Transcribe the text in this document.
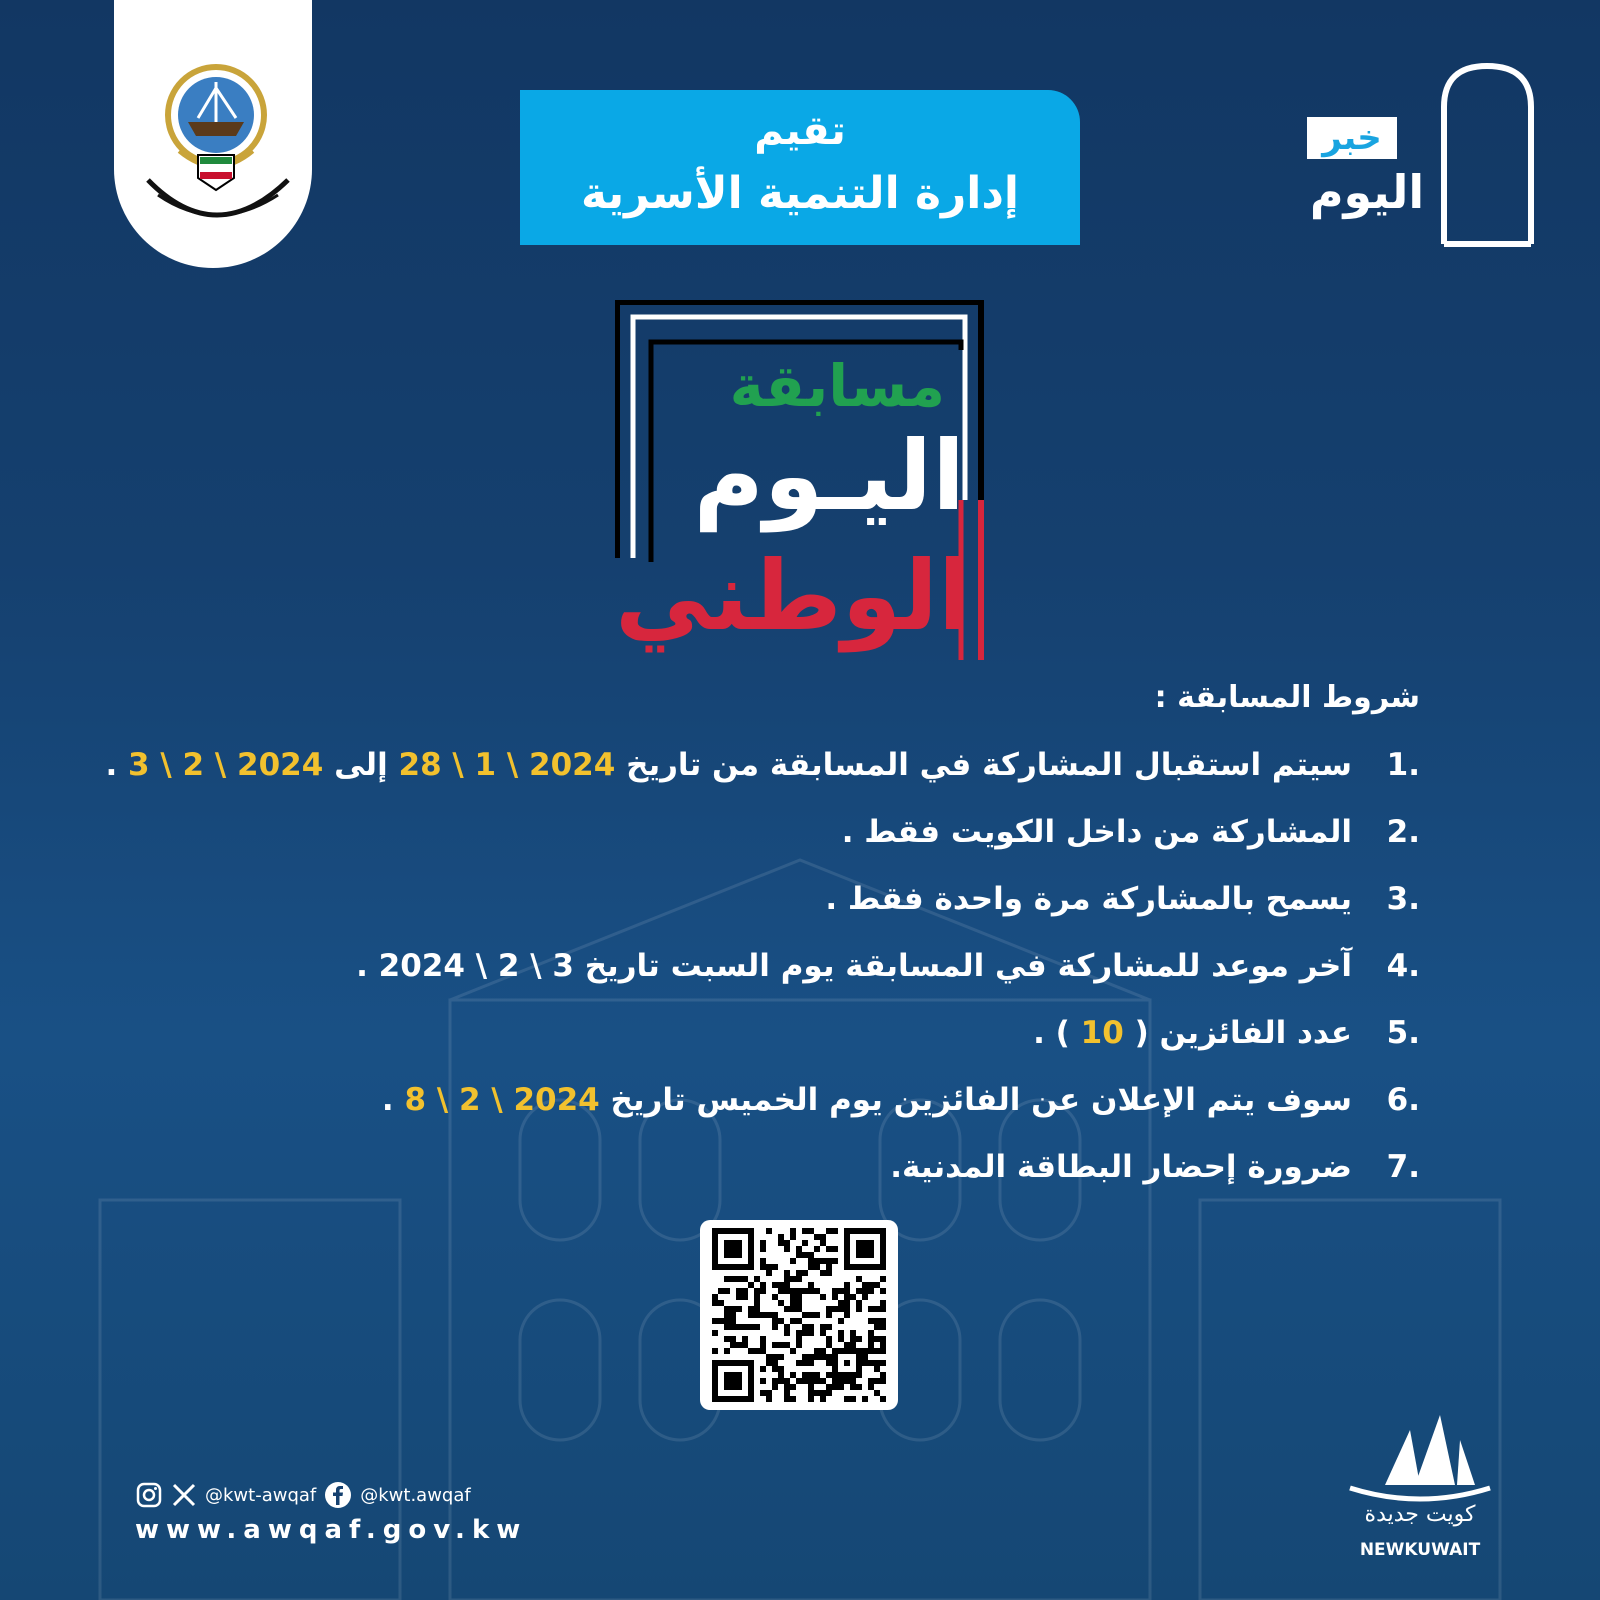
تقيم
إدارة التنمية الأسرية
خبر
اليوم
مسابقة
اليـوم
الوطني
شروط المسابقة :
.1
سيتم استقبال المشاركة في المسابقة من تاريخ 28 \ 1 \ 2024 إلى 3 \ 2 \ 2024 .
.2
المشاركة من داخل الكويت فقط .
.3
يسمح بالمشاركة مرة واحدة فقط .
.4
آخر موعد للمشاركة في المسابقة يوم السبت تاريخ 3 \ 2 \ 2024 .
.5
عدد الفائزين ( 10 ) .
.6
سوف يتم الإعلان عن الفائزين يوم الخميس تاريخ 8 \ 2 \ 2024 .
.7
ضرورة إحضار البطاقة المدنية.
@kwt-awqaf @kwt.awqaf
www.awqaf.gov.kw
كويت جديدة
NEWKUWAIT
